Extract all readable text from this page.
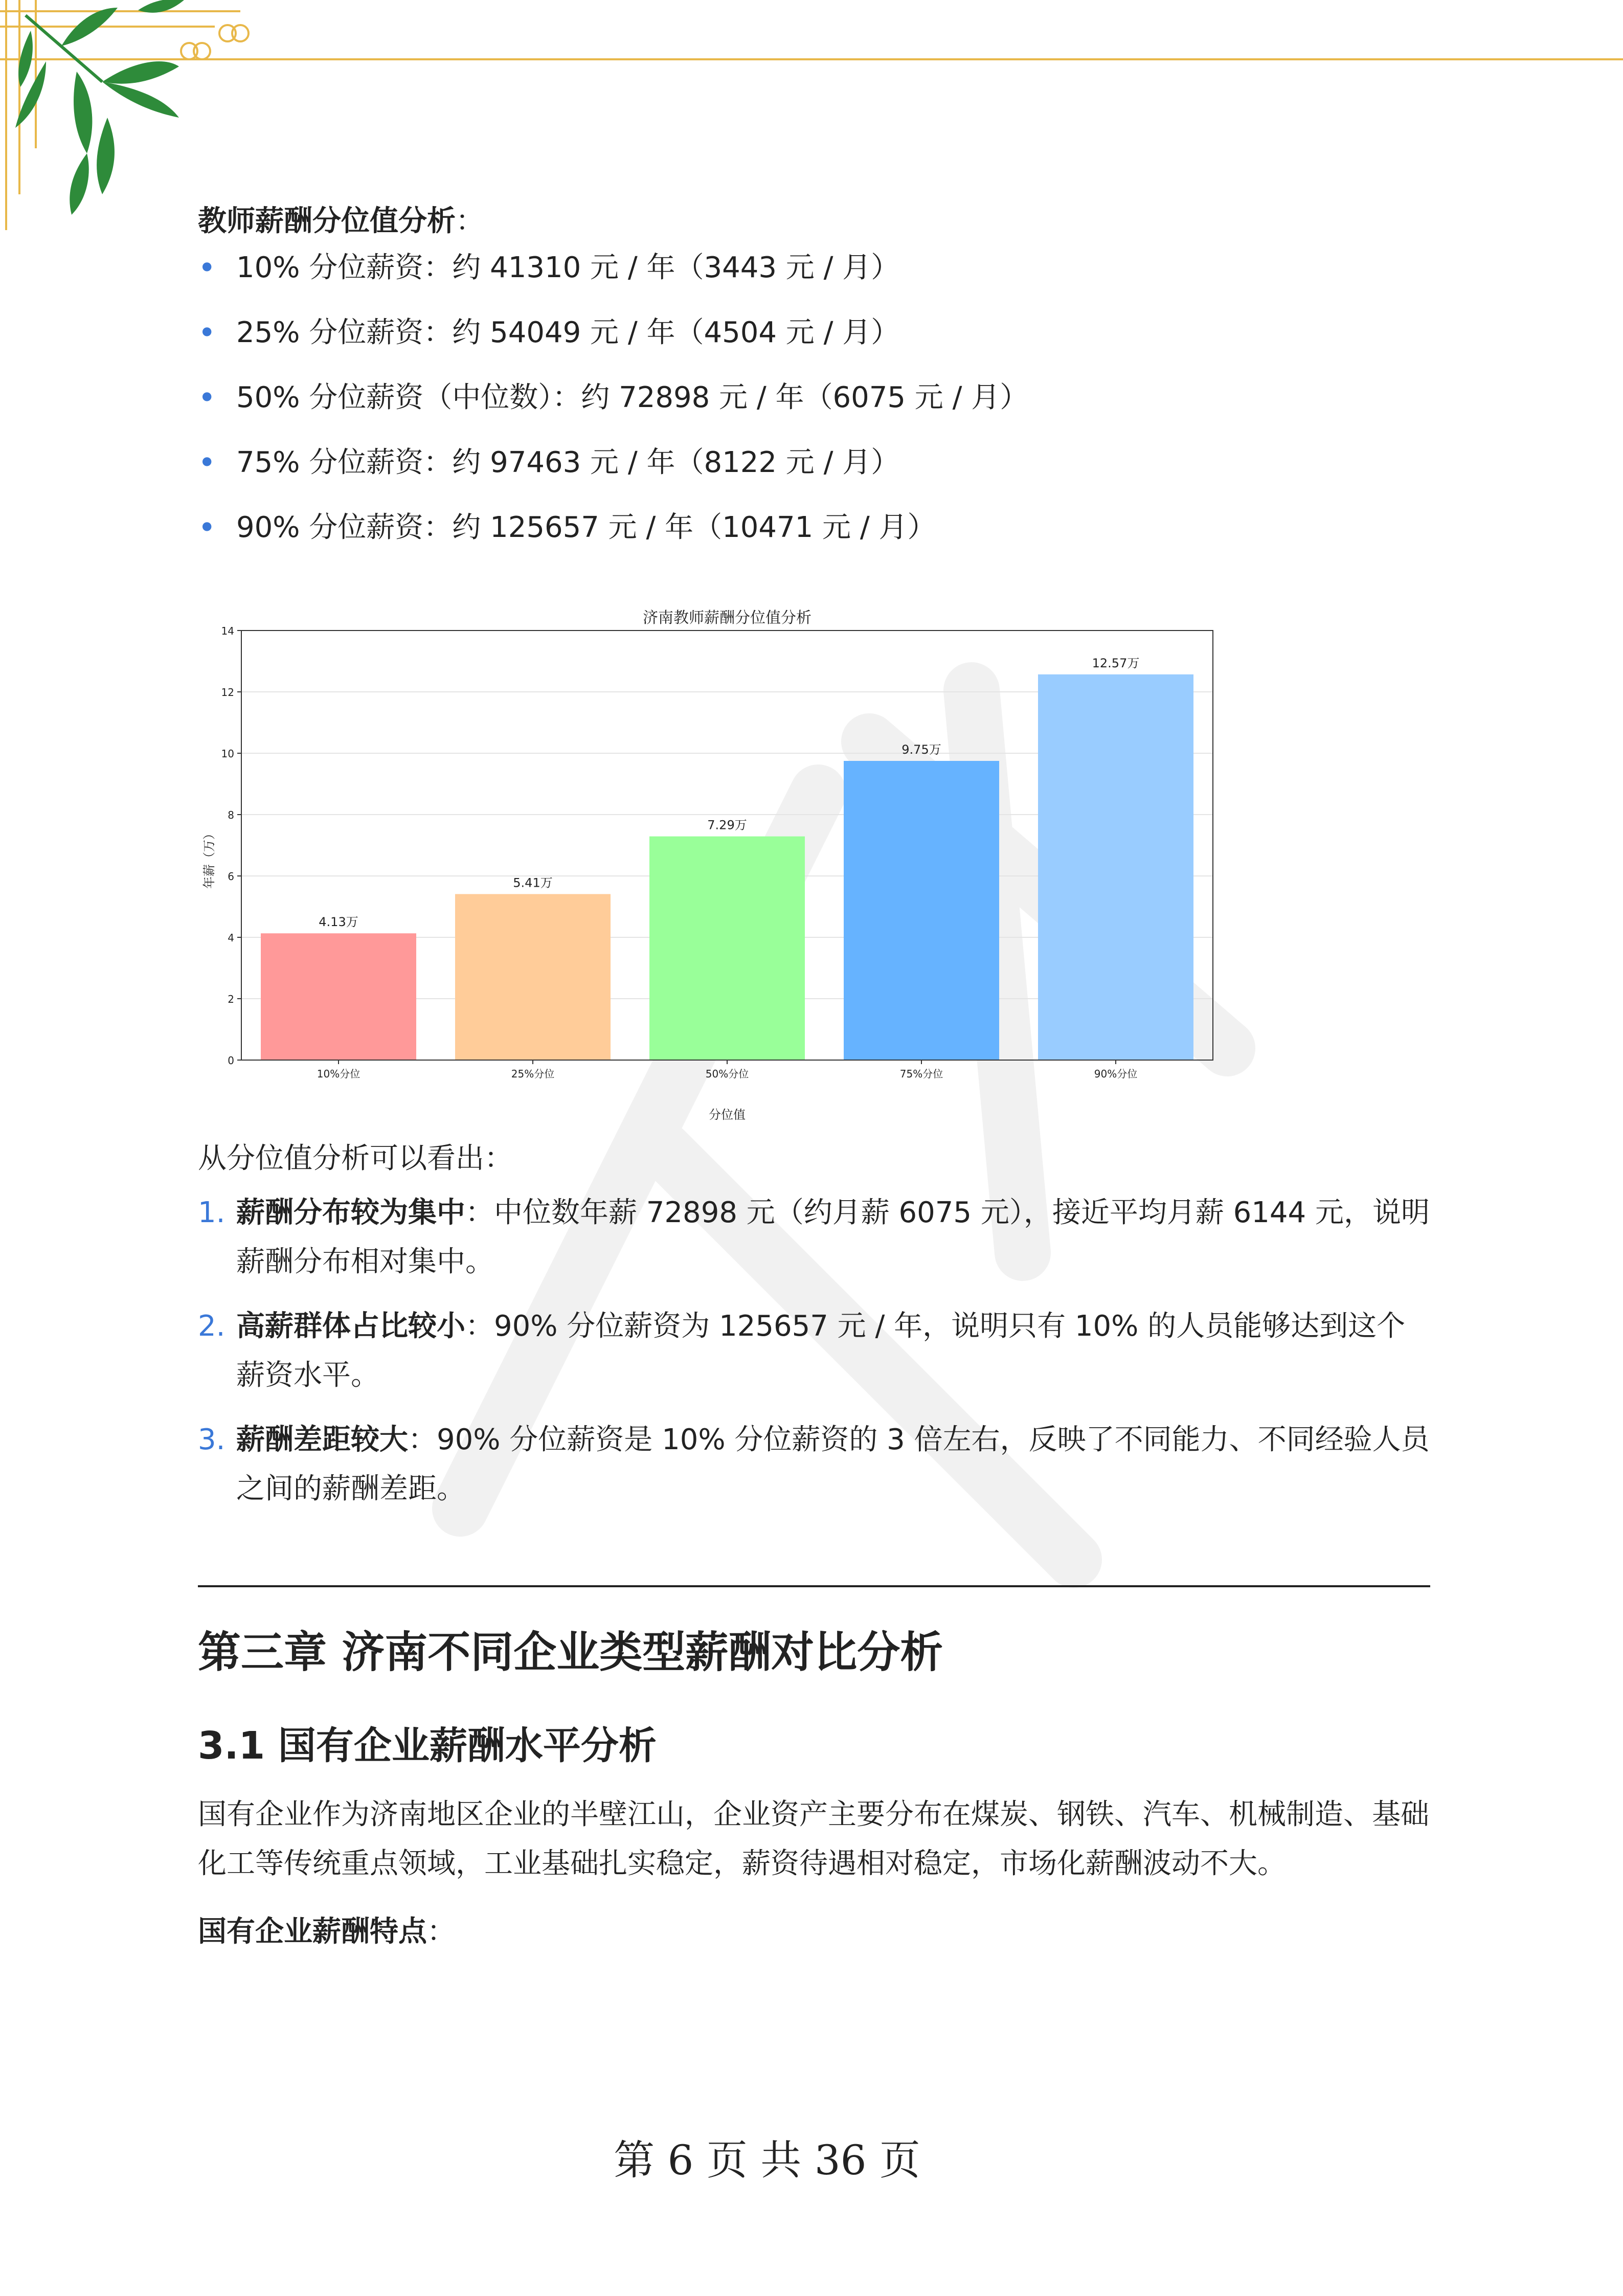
教师薪酬分位值分析：
• 10% 分位薪资：约 41310 元 / 年（3443 元 / 月）
• 25% 分位薪资：约 54049 元 / 年（4504 元 / 月）
• 50% 分位薪资（中位数）：约 72898 元 / 年（6075 元 / 月）
• 75% 分位薪资：约 97463 元 / 年（8122 元 / 月）
• 90% 分位薪资：约 125657 元 / 年（10471 元 / 月）
济南教师薪酬分位值分析
年薪（万）
分位值
4.13万
5.41万
7.29万
9.75万
12.57万
0
2
4
6
8
10
12
14
10%分位	25%分位	50%分位	75%分位	90%分位

从分位值分析可以看出：

1. 薪酬分布较为集中：中位数年薪 72898 元（约月薪 6075 元），接近平均月薪 6144 元，说明薪酬分布相对集中。
2. 高薪群体占比较小：90% 分位薪资为 125657 元 / 年，说明只有 10% 的人员能够达到这个薪资水平。
3. 薪酬差距较大：90% 分位薪资是 10% 分位薪资的 3 倍左右，反映了不同能力、不同经验人员之间的薪酬差距。
第三章 济南不同企业类型薪酬对比分析
3.1 国有企业薪酬水平分析

国有企业作为济南地区企业的半壁江山，企业资产主要分布在煤炭、钢铁、汽车、机械制造、基础化工等传统重点领域，工业基础扎实稳定，薪资待遇相对稳定，市场化薪酬波动不大。

国有企业薪酬特点：
第 6 页 共 36 页
